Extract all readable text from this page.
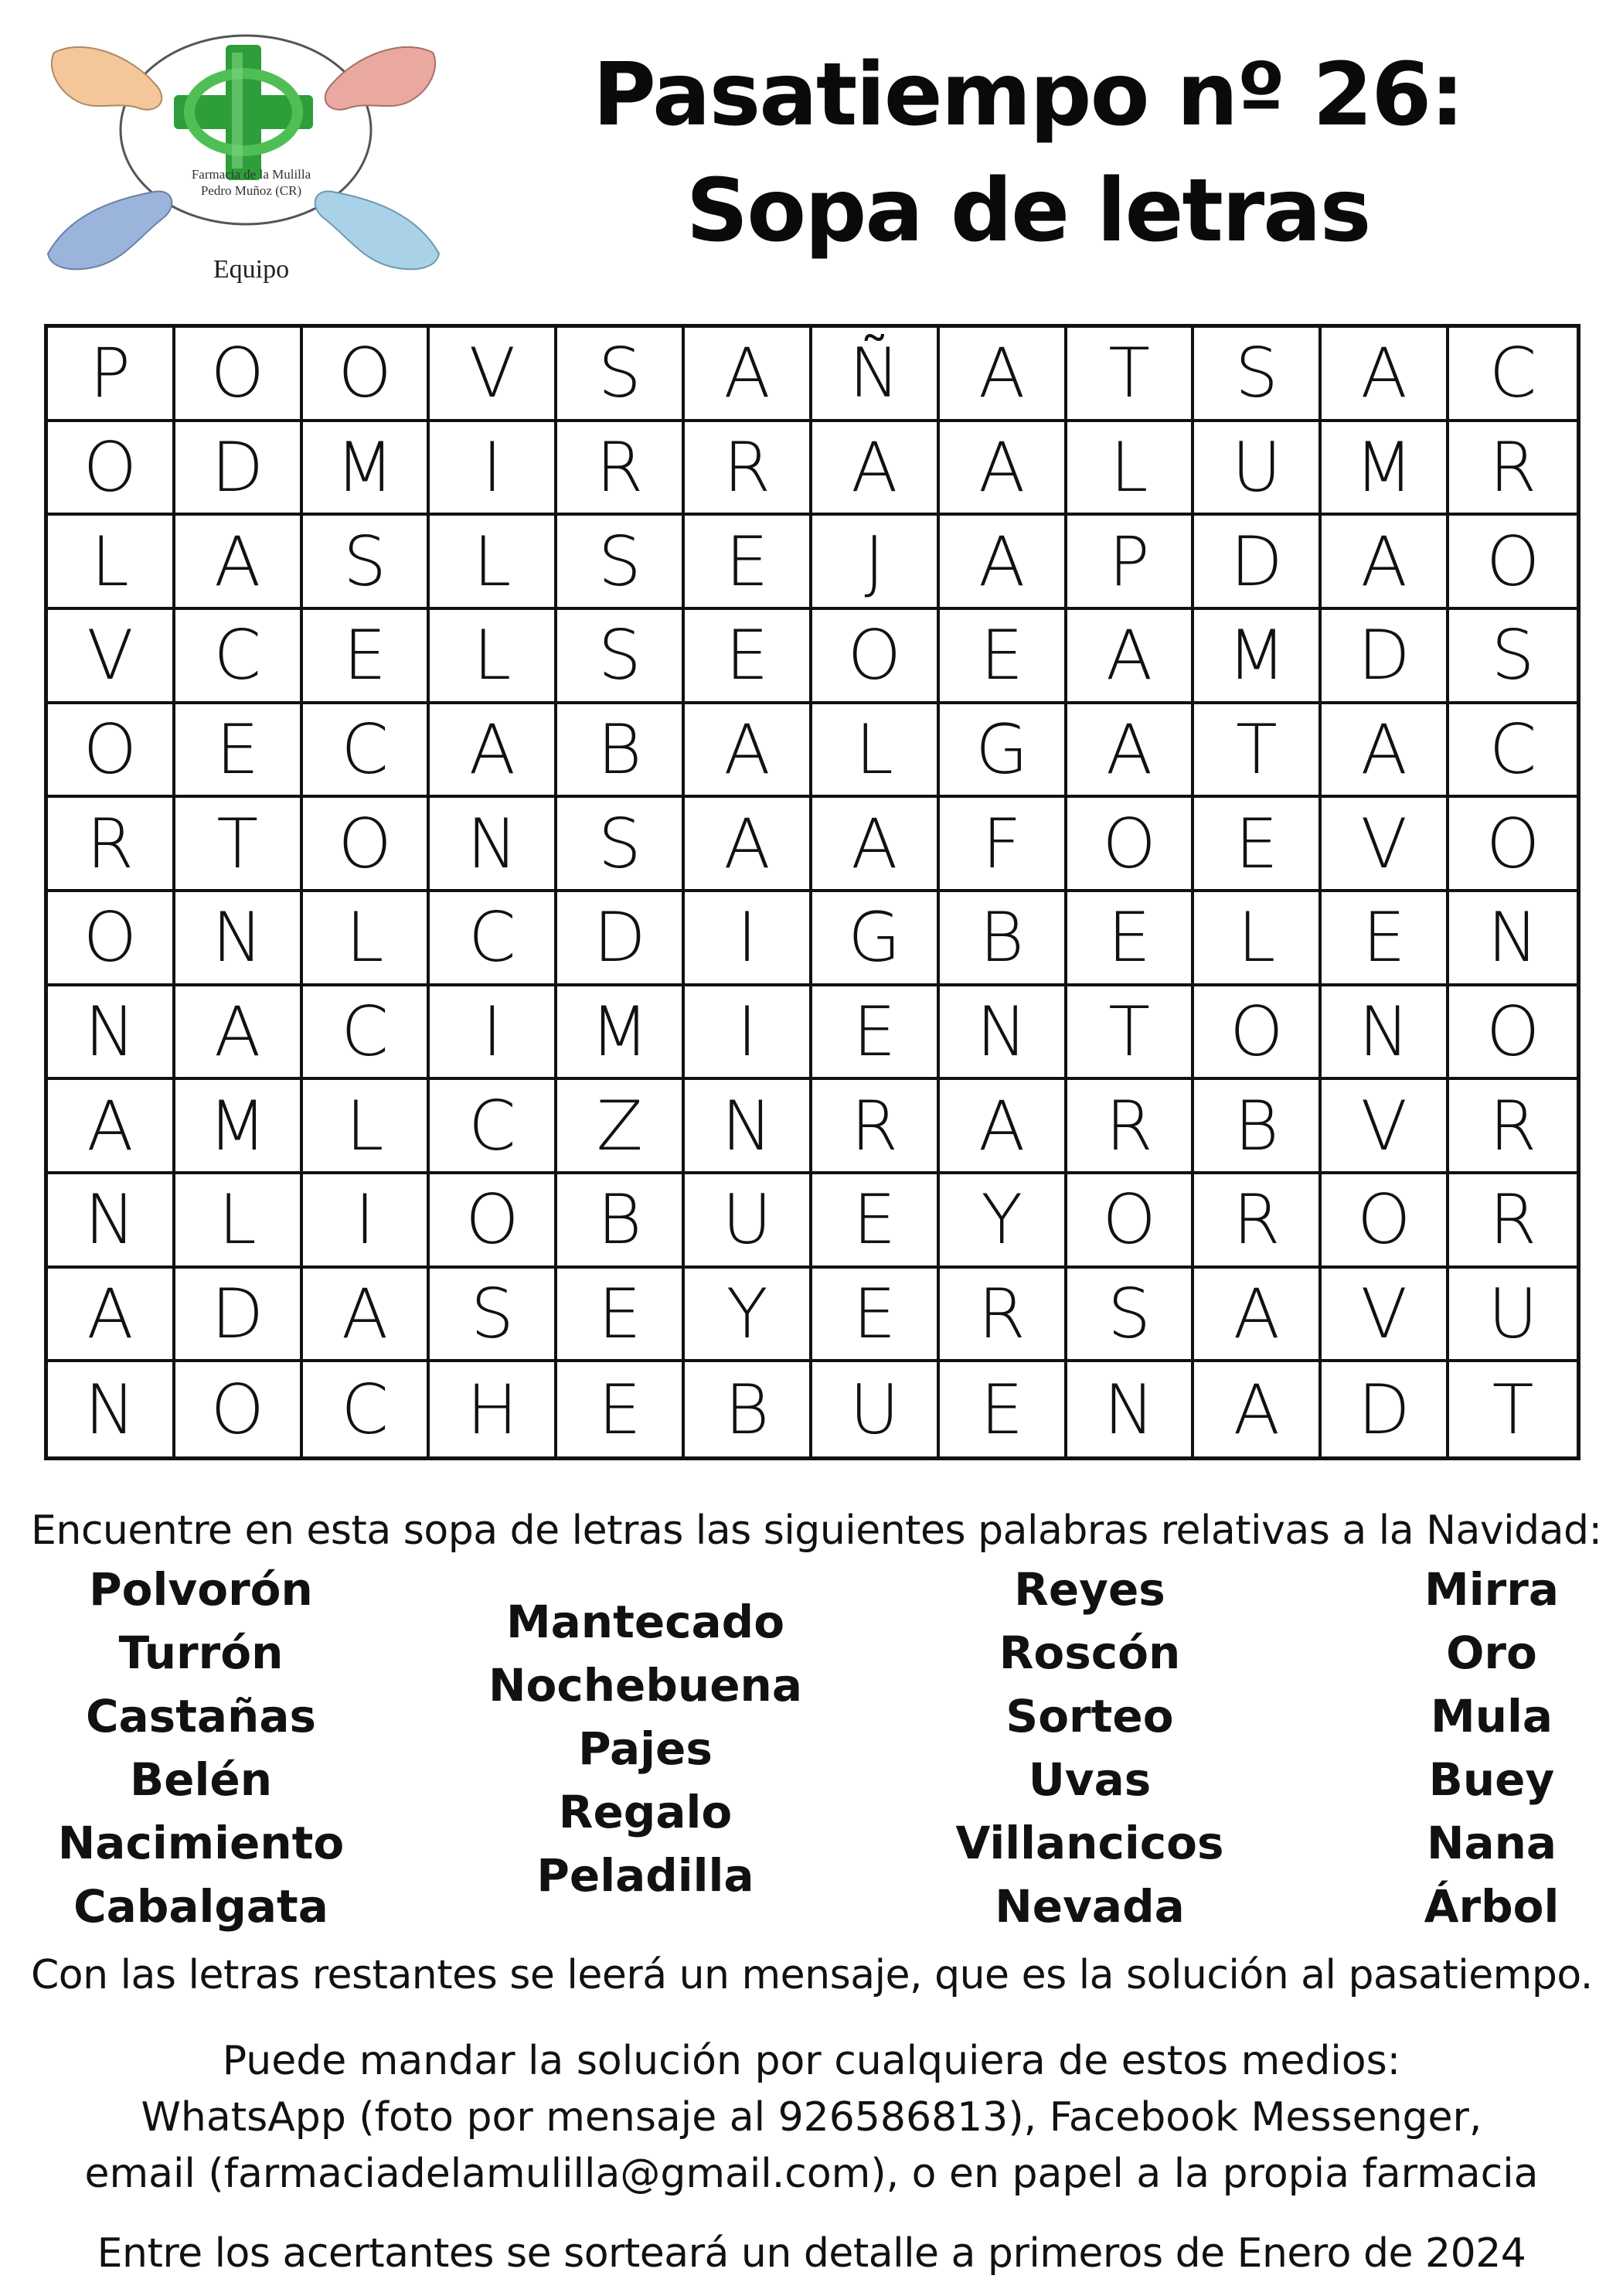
Farmacia de la Mulilla
Pedro Muñoz (CR)
Equipo
Pasatiempo nº 26:
Sopa de letras
P	O	O	V	S	A	Ñ	A	T	S	A	C
O	D	M	I	R	R	A	A	L	U	M	R
L	A	S	L	S	E	J	A	P	D	A	O
V	C	E	L	S	E	O	E	A	M	D	S
O	E	C	A	B	A	L	G	A	T	A	C
R	T	O	N	S	A	A	F	O	E	V	O
O	N	L	C	D	I	G	B	E	L	E	N
N	A	C	I	M	I	E	N	T	O	N	O
A	M	L	C	Z	N	R	A	R	B	V	R
N	L	I	O	B	U	E	Y	O	R	O	R
A	D	A	S	E	Y	E	R	S	A	V	U
N	O	C	H	E	B	U	E	N	A	D	T
Encuentre en esta sopa de letras las siguientes palabras relativas a la Navidad:
Polvorón
Turrón
Castañas
Belén
Nacimiento
Cabalgata
Mantecado
Nochebuena
Pajes
Regalo
Peladilla
Reyes
Roscón
Sorteo
Uvas
Villancicos
Nevada
Mirra
Oro
Mula
Buey
Nana
Árbol
Con las letras restantes se leerá un mensaje, que es la solución al pasatiempo.
Puede mandar la solución por cualquiera de estos medios:
WhatsApp (foto por mensaje al 926586813), Facebook Messenger,
email (farmaciadelamulilla@gmail.com), o en papel a la propia farmacia
Entre los acertantes se sorteará un detalle a primeros de Enero de 2024
